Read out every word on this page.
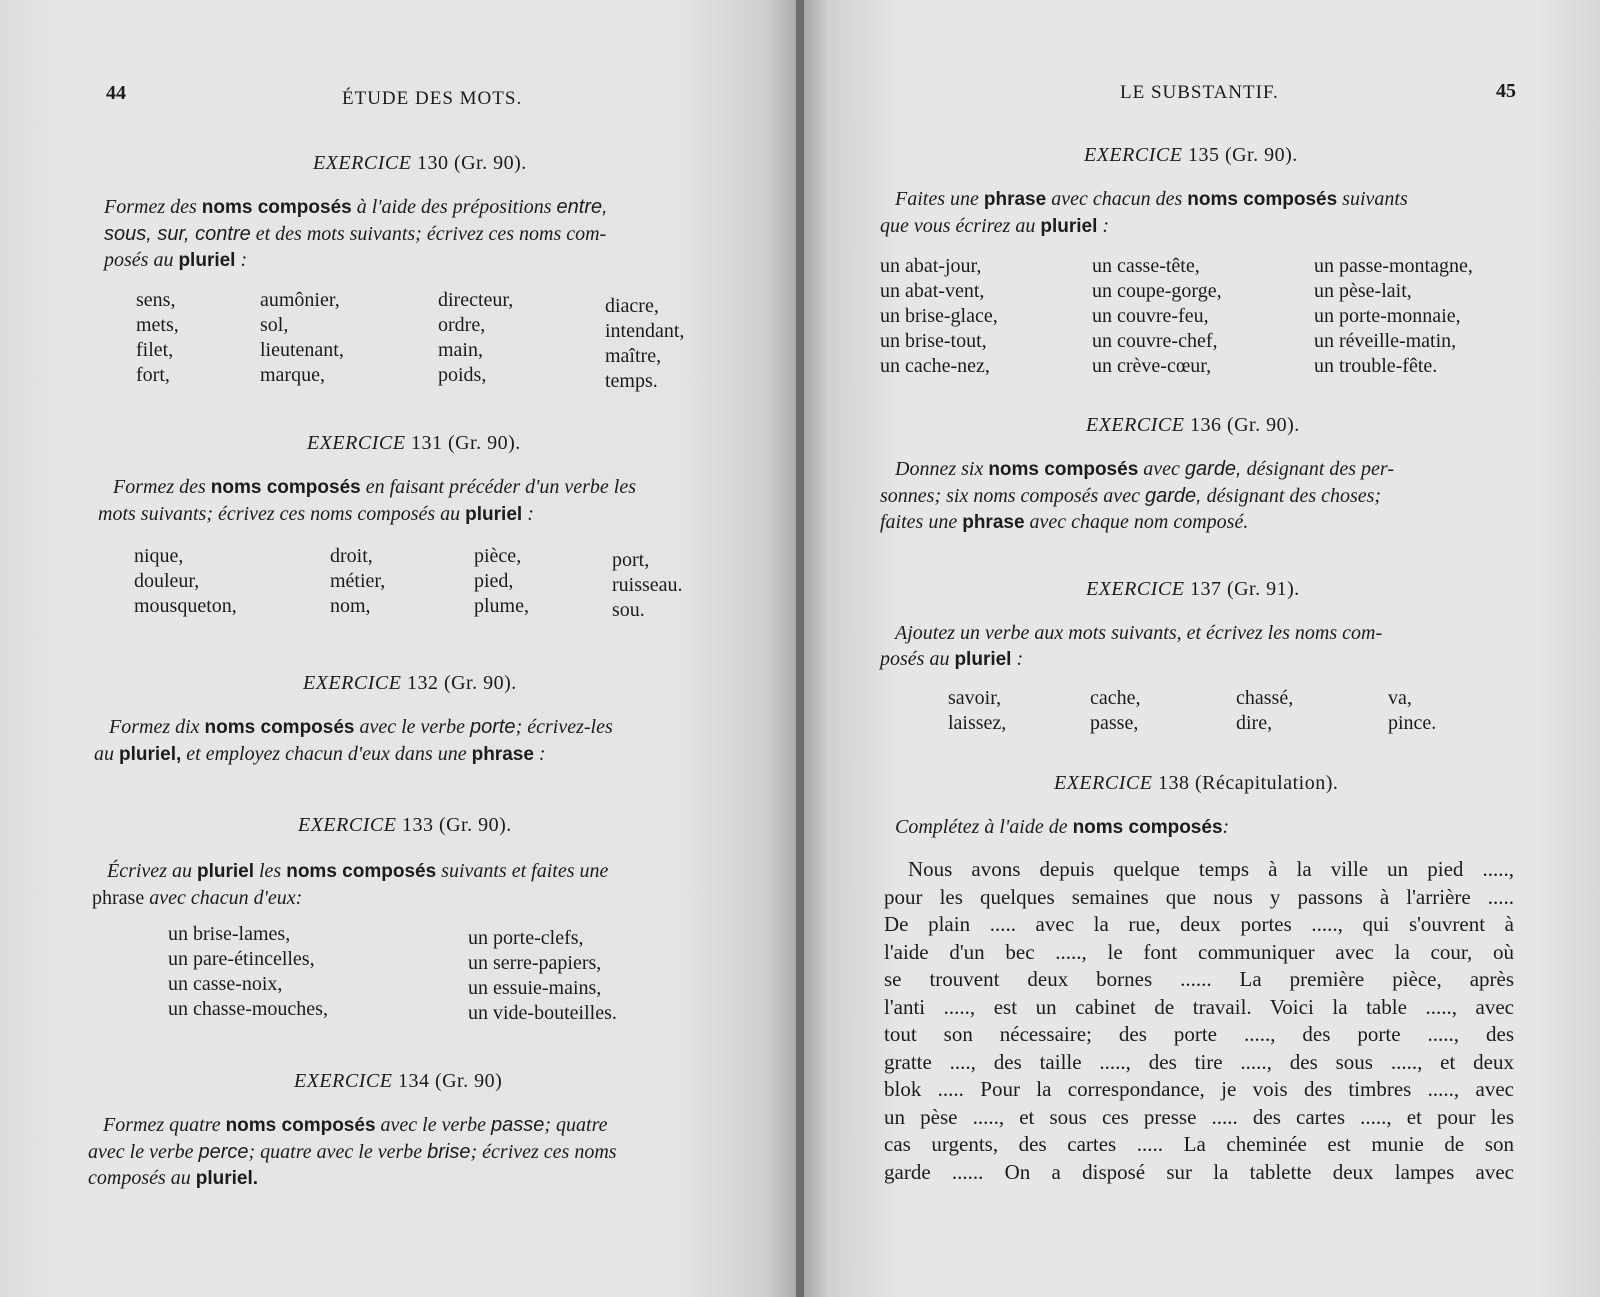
44	ÉTUDE DES MOTS.
EXERCICE 130 (Gr. 90).
Formez des noms composés à l'aide des prépositions entre,
sous, sur, contre et des mots suivants; écrivez ces noms com-
posés au pluriel :
sens,
mets,
filet,
fort,
aumônier,
sol,
lieutenant,
marque,
directeur,
ordre,
main,
poids,
diacre,
intendant,
maître,
temps.
EXERCICE 131 (Gr. 90).
Formez des noms composés en faisant précéder d'un verbe les
mots suivants; écrivez ces noms composés au pluriel :
nique,
douleur,
mousqueton,
droit,
métier,
nom,
pièce,
pied,
plume,
port,
ruisseau.
sou.
EXERCICE 132 (Gr. 90).
Formez dix noms composés avec le verbe porte; écrivez-les
au pluriel, et employez chacun d'eux dans une phrase :
EXERCICE 133 (Gr. 90).
Écrivez au pluriel les noms composés suivants et faites une
phrase avec chacun d'eux:
un brise-lames,
un pare-étincelles,
un casse-noix,
un chasse-mouches,
un porte-clefs,
un serre-papiers,
un essuie-mains,
un vide-bouteilles.
EXERCICE 134 (Gr. 90)
Formez quatre noms composés avec le verbe passe; quatre
avec le verbe perce; quatre avec le verbe brise; écrivez ces noms
composés au pluriel.
LE SUBSTANTIF.	45
EXERCICE 135 (Gr. 90).
Faites une phrase avec chacun des noms composés suivants
que vous écrirez au pluriel :
un abat-jour,
un abat-vent,
un brise-glace,
un brise-tout,
un cache-nez,
un casse-tête,
un coupe-gorge,
un couvre-feu,
un couvre-chef,
un crève-cœur,
un passe-montagne,
un pèse-lait,
un porte-monnaie,
un réveille-matin,
un trouble-fête.
EXERCICE 136 (Gr. 90).
Donnez six noms composés avec garde, désignant des per-
sonnes; six noms composés avec garde, désignant des choses;
faites une phrase avec chaque nom composé.
EXERCICE 137 (Gr. 91).
Ajoutez un verbe aux mots suivants, et écrivez les noms com-
posés au pluriel :
savoir,
laissez,
cache,
passe,
chassé,
dire,
va,
pince.
EXERCICE 138 (Récapitulation).
Complétez à l'aide de noms composés:
Nous avons depuis quelque temps à la ville un pied .....,
pour les quelques semaines que nous y passons à l'arrière .....
De plain ..... avec la rue, deux portes ....., qui s'ouvrent à
l'aide d'un bec ....., le font communiquer avec la cour, où
se trouvent deux bornes ...... La première pièce, après
l'anti ....., est un cabinet de travail. Voici la table ....., avec
tout son nécessaire; des porte ....., des porte ....., des
gratte ...., des taille ....., des tire ....., des sous ....., et deux
blok ..... Pour la correspondance, je vois des timbres ....., avec
un pèse ....., et sous ces presse ..... des cartes ....., et pour les
cas urgents, des cartes ..... La cheminée est munie de son
garde ...... On a disposé sur la tablette deux lampes avec
